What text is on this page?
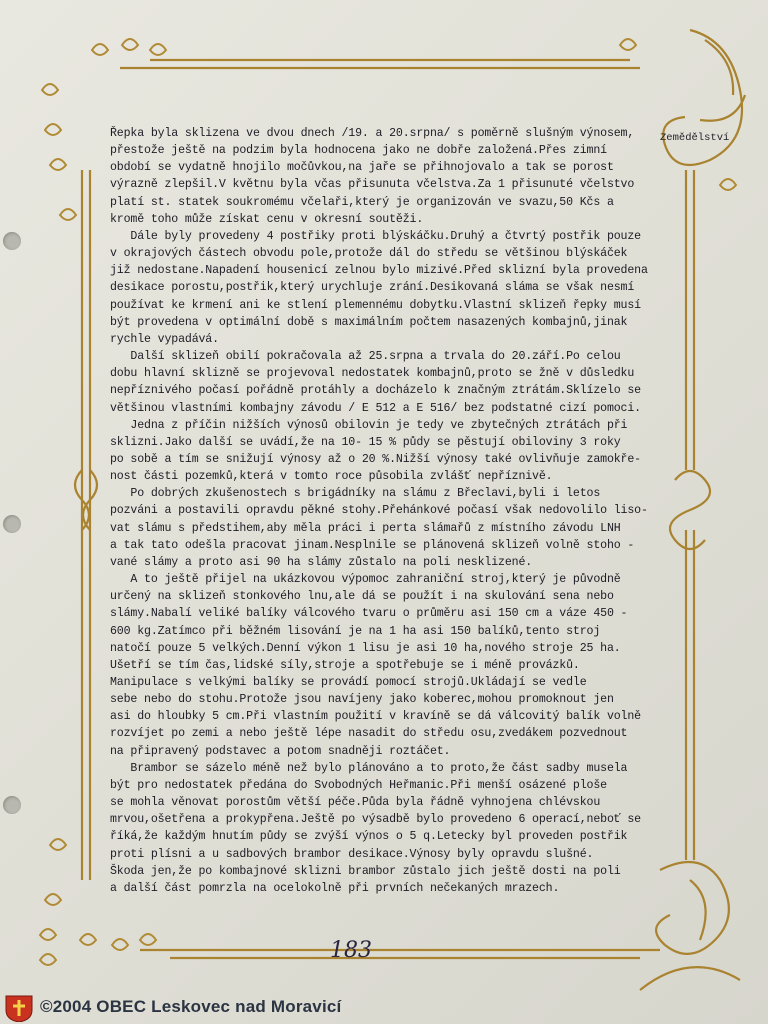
Zemědělství
Řepka byla sklizena ve dvou dnech /19. a 20.srpna/ s poměrně slušným výnosem,
přestože ještě na podzim byla hodnocena jako ne dobře založená.Přes zimní
období se vydatně hnojilo močůvkou,na jaře se přihnojovalo a tak se porost
výrazně zlepšil.V květnu byla včas přisunuta včelstva.Za 1 přisunuté včelstvo
platí st. statek soukromému včelaři,který je organizován ve svazu,50 Kčs a
kromě toho může získat cenu v okresní soutěži.
Dále byly provedeny 4 postřiky proti blýskáčku.Druhý a čtvrtý postřik pouze
v okrajových částech obvodu pole,protože dál do středu se většinou blýskáček
již nedostane.Napadení housenicí zelnou bylo mizivé.Před sklizní byla provedena
desikace porostu,postřik,který urychluje zrání.Desikovaná sláma se však nesmí
používat ke krmení ani ke stlení plemennému dobytku.Vlastní sklizeň řepky musí
být provedena v optimální době s maximálním počtem nasazených kombajnů,jinak
rychle vypadává.
Další sklizeň obilí pokračovala až 25.srpna a trvala do 20.září.Po celou
dobu hlavní sklizně se projevoval nedostatek kombajnů,proto se žně v důsledku
nepříznivého počasí pořádně protáhly a docházelo k značným ztrátám.Sklízelo se
většinou vlastními kombajny závodu / E 512 a E 516/ bez podstatné cizí pomoci.
Jedna z příčin nižších výnosů obilovin je tedy ve zbytečných ztrátách při
sklizni.Jako další se uvádí,že na 10- 15 % půdy se pěstují obiloviny 3 roky
po sobě a tím se snižují výnosy až o 20 %.Nižší výnosy také ovlivňuje zamokře-
nost části pozemků,která v tomto roce působila zvlášť nepříznivě.
Po dobrých zkušenostech s brigádníky na slámu z Břeclavi,byli i letos
pozváni a postavili opravdu pěkné stohy.Přehánkové počasí však nedovolilo liso-
vat slámu s předstihem,aby měla práci i perta slámařů z místního závodu LNH
a tak tato odešla pracovat jinam.Nesplnile se plánovená sklizeň volně stoho -
vané slámy a proto asi 90 ha slámy zůstalo na poli nesklizené.
A to ještě přijel na ukázkovou výpomoc zahraniční stroj,který je původně
určený na sklizeň stonkového lnu,ale dá se použít i na skulování sena nebo
slámy.Nabalí veliké balíky válcového tvaru o průměru asi 150 cm a váze 450 -
600 kg.Zatímco při běžném lisování je na 1 ha asi 150 balíků,tento stroj
natočí pouze 5 velkých.Denní výkon 1 lisu je asi 10 ha,nového stroje 25 ha.
Ušetří se tím čas,lidské síly,stroje a spotřebuje se i méně provázků.
Manipulace s velkými balíky se provádí pomocí strojů.Ukládají se vedle
sebe nebo do stohu.Protože jsou navíjeny jako koberec,mohou promoknout jen
asi do hloubky 5 cm.Při vlastním použití v kravíně se dá válcovitý balík volně
rozvíjet po zemi a nebo ještě lépe nasadit do středu osu,zvedákem pozvednout
na připravený podstavec a potom snadněji roztáčet.
Brambor se sázelo méně než bylo plánováno a to proto,že část sadby musela
být pro nedostatek předána do Svobodných Heřmanic.Při menší osázené ploše
se mohla věnovat porostům větší péče.Půda byla řádně vyhnojena chlévskou
mrvou,ošetřena a prokypřena.Ještě po výsadbě bylo provedeno 6 operací,neboť se
říká,že každým hnutím půdy se zvýší výnos o 5 q.Letecky byl proveden postřik
proti plísni a u sadbových brambor desikace.Výnosy byly opravdu slušné.
Škoda jen,že po kombajnové sklizni brambor zůstalo jich ještě dosti na poli
a další část pomrzla na ocelokolně při prvních nečekaných mrazech.
183
©2004 OBEC Leskovec nad Moravicí
